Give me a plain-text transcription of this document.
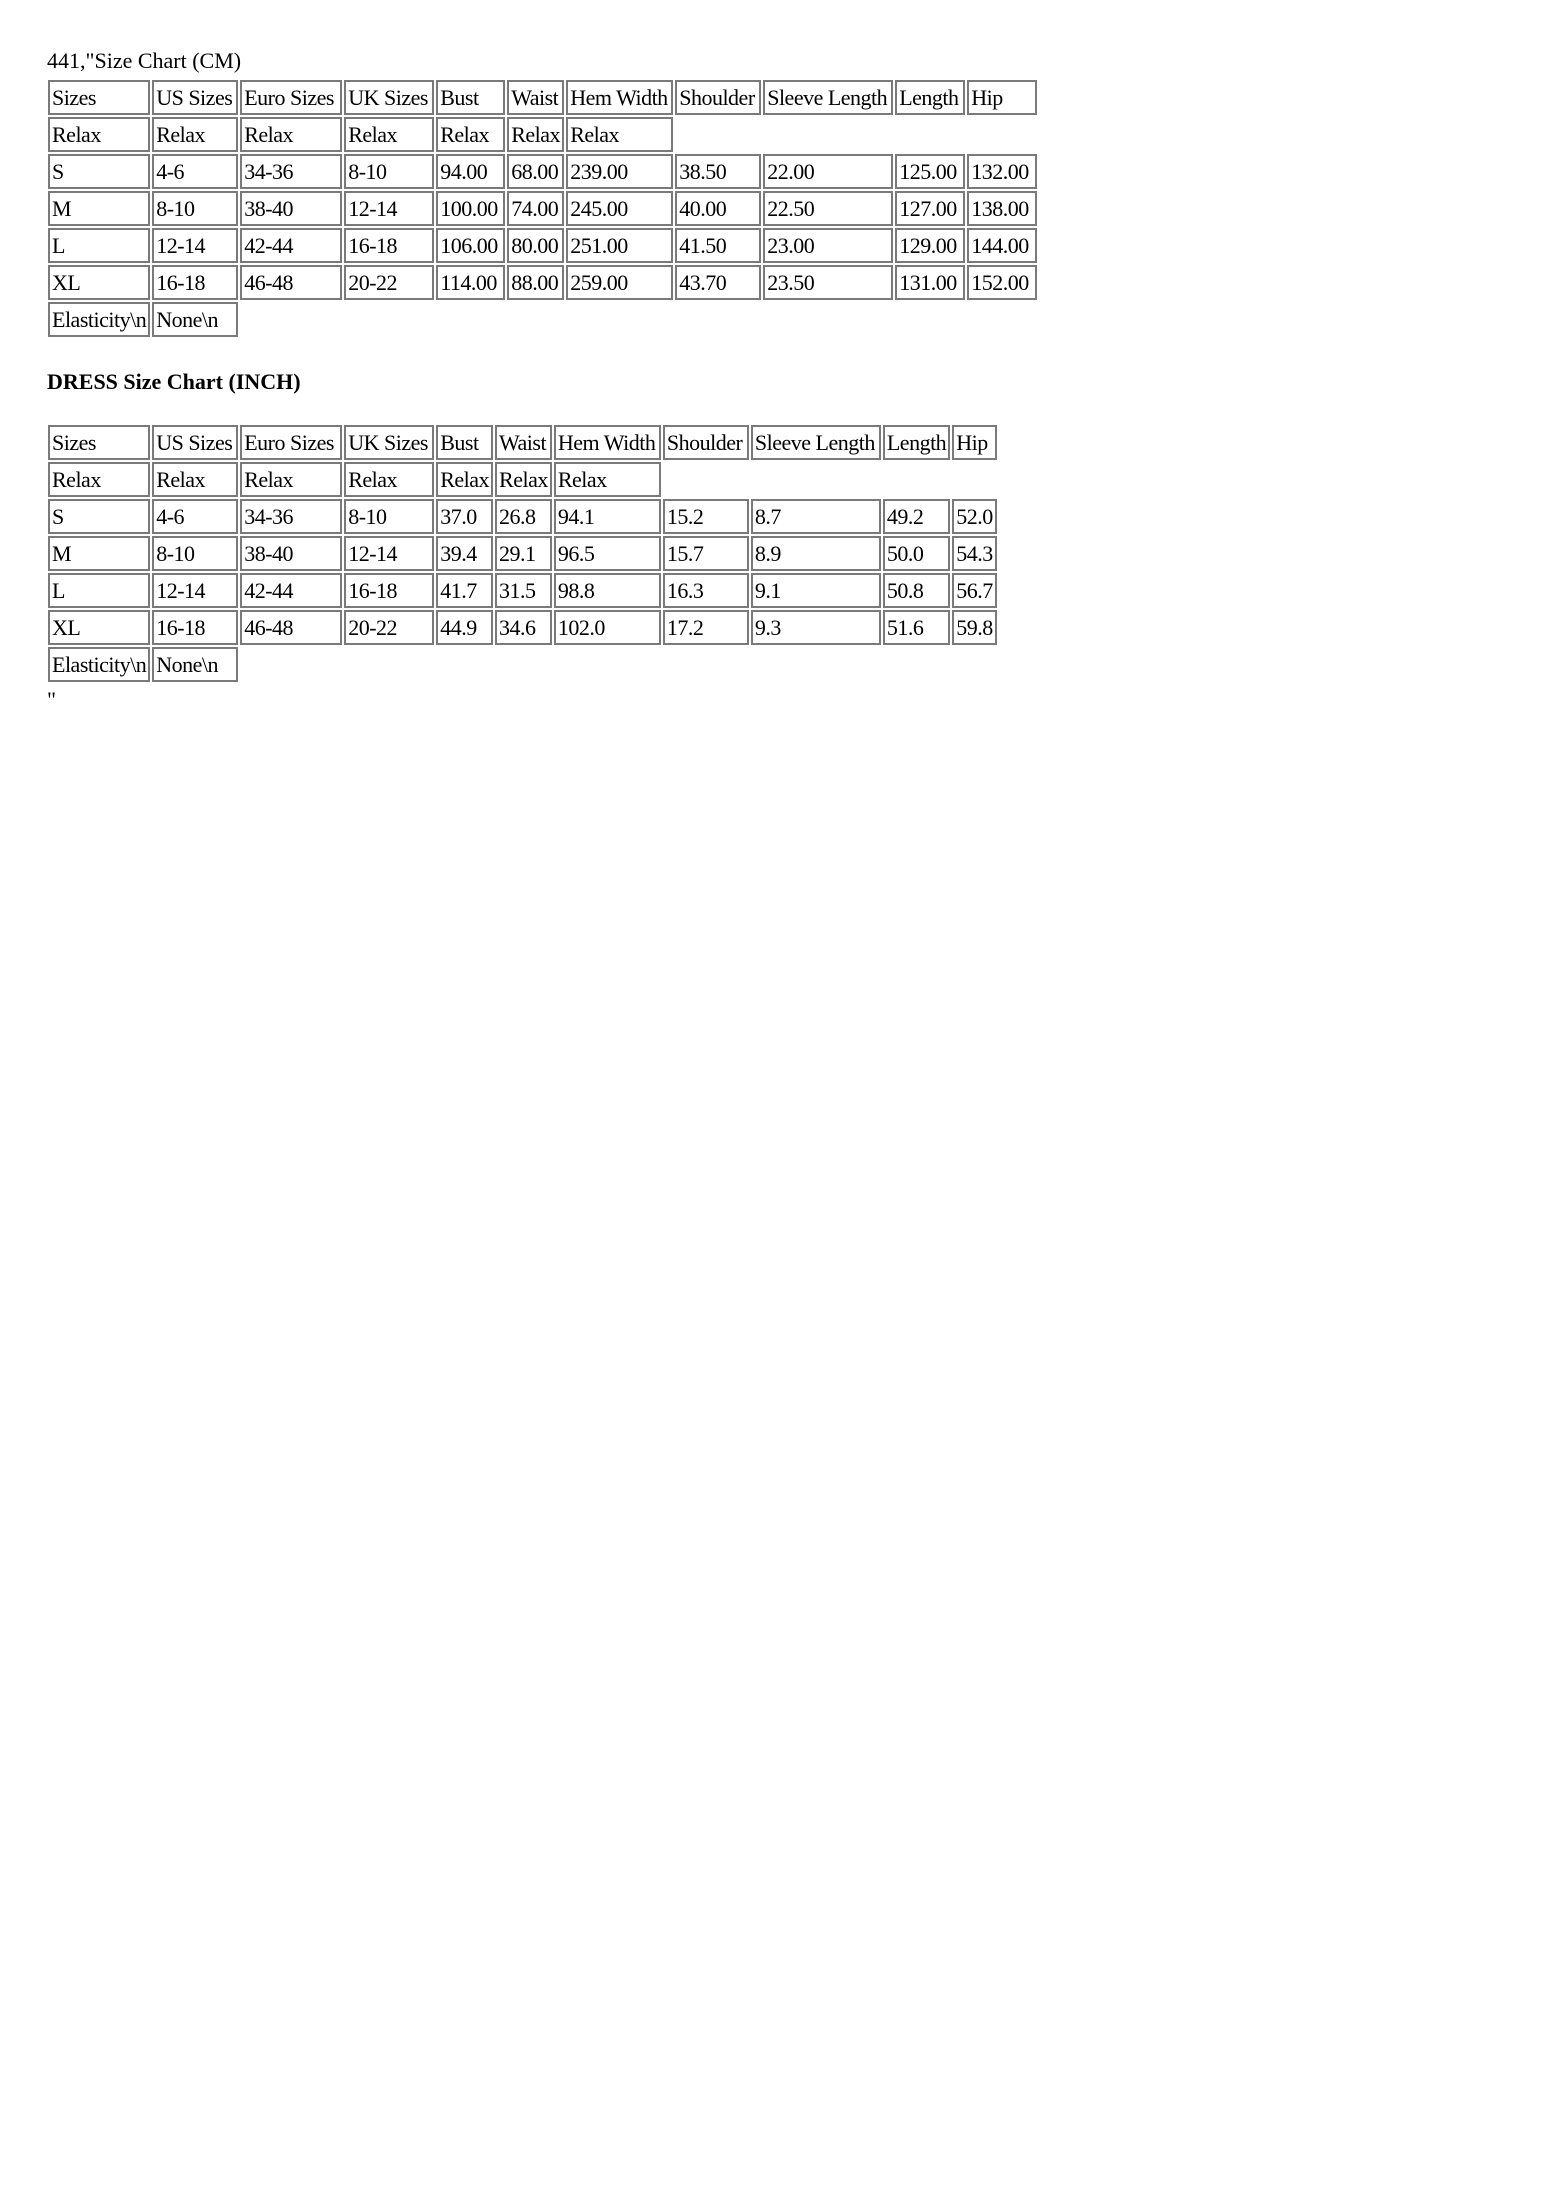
441,"Size Chart (CM)
Sizes	US Sizes	Euro Sizes	UK Sizes	Bust	Waist	Hem Width	Shoulder	Sleeve Length	Length	Hip
Relax	Relax	Relax	Relax	Relax	Relax	Relax				
S	4-6	34-36	8-10	94.00	68.00	239.00	38.50	22.00	125.00	132.00
M	8-10	38-40	12-14	100.00	74.00	245.00	40.00	22.50	127.00	138.00
L	12-14	42-44	16-18	106.00	80.00	251.00	41.50	23.00	129.00	144.00
XL	16-18	46-48	20-22	114.00	88.00	259.00	43.70	23.50	131.00	152.00
Elasticity\n	None\n									
DRESS Size Chart (INCH)
Sizes	US Sizes	Euro Sizes	UK Sizes	Bust	Waist	Hem Width	Shoulder	Sleeve Length	Length	Hip
Relax	Relax	Relax	Relax	Relax	Relax	Relax				
S	4-6	34-36	8-10	37.0	26.8	94.1	15.2	8.7	49.2	52.0
M	8-10	38-40	12-14	39.4	29.1	96.5	15.7	8.9	50.0	54.3
L	12-14	42-44	16-18	41.7	31.5	98.8	16.3	9.1	50.8	56.7
XL	16-18	46-48	20-22	44.9	34.6	102.0	17.2	9.3	51.6	59.8
Elasticity\n	None\n									
"
